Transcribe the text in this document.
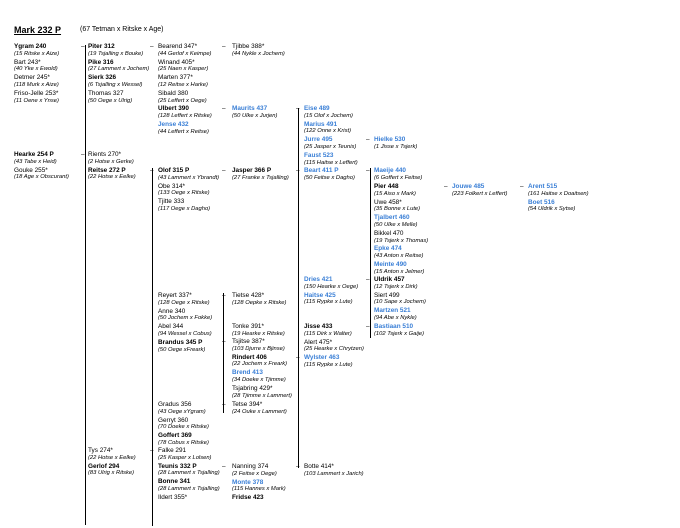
Mark 232 P	(67 Tetman x Ritske x Age)
–	–	–
–	–
–
–
–	–	–	–
–	–
–
–
–
–
–
–
–
–	–
Ygram 240
(15 Ritske x Aize)
Bart 243*
(40 Yke x Ewold)
Detmer 245*
(118 Murk x Aize)
Friso-Jelle 253*
(11 Oene x Ynse)
Piter 312
(19 Tsjalling x Bouke)
Pike 316
(27 Lammert x Jochem)
Sierk 326
(6 Tsjalling x Wessel)
Thomas 327
(50 Oege x Ulrig)
Bearend 347*
(44 Gerlof x Keimpe)
Winand 405*
(25 Naen x Kasper)
Marten 377*
(12 Reitse x Harke)
Sibald 380
(25 Leffert x Oege)
Ulbert 390
(128 Leffert x Ritske)
Jense 432
(44 Leffert x Reitse)
Tjibbe 388*
(44 Nykle x Jochem)
Maurits 437
(50 Ulke x Jurjen)
Eise 489
(15 Olof x Jochem)
Marius 491
(122 Onne x Krist)
Jurre 495
(25 Jasper x Teunis)
Faust 523
(115 Haitse x Leffert)
Hielke 530
(1 Jisse x Tsjerk)
Hearke 254 P
(43 Tabe x Heid)
Gouke 255*
(18 Age x Obscurant)
Rients 270*
(2 Hotse x Gerke)
Reitse 272 P
(22 Hotse x Eelke)
Olof 315 P
(43 Lammert x Ybrandt)
Obe 314*
(133 Oege x Ritske)
Tjitte 333
(117 Oege x Dagho)
Jasper 366 P
(27 Franke x Tsjalling)
Beart 411 P
(50 Feitse x Dagho)
Maeije 440
(6 Goffert x Feitse)
Pier 448
(15 Aiso x Mark)
Uwe 458*
(35 Bonne x Lute)
Tjalbert 460
(50 Ulke x Melle)
Bikkel 470
(19 Tsjerk x Thomas)
Epke 474
(43 Anton x Reitse)
Meinte 490
(15 Anton x Jelmer)
Jouwe 485
(223 Folkert x Leffert)
Arent 515
(161 Haitse x Doaitsen)
Boet 516
(54 Uldrik x Sytse)
Dries 421
(150 Hearke x Oege)
Haitse 425
(115 Rypke x Lute)
Uldrik 457
(12 Tsjerk x Dirk)
Siert 499
(10 Sape x Jochem)
Martzen 521
(94 Abe x Nykle)
Reyert 337*
(128 Oege x Ritske)
Anne 340
(50 Jochem x Fokke)
Abel 344
(94 Wessel x Cobus)
Brandus 345 P
(50 Oege xFreark)
Tietse 428*
(128 Oepke x Ritske)
Tonke 391*
(19 Hearke x Ritske)
Jisse 433
(115 Dirk x Walter)
Alert 475*
(25 Hearke x Chrytzen)
Bastiaan 510
(102 Tsjerk x Gaije)
Tsjitse 387*
(103 Djurre x Bjinse)
Rindert 406
(22 Jochem x Freark)
Brend 413
(34 Doeke x Tjimme)
Tsjabring 429*
(28 Tjimme x Lammert)
Wylster 463
(115 Rypke x Lute)
Gradus 356
(43 Oege xYgram)
Gerryt 360
(70 Doeke x Ritske)
Goffert 369
(78 Cobus x Ritske)
Tetse 394*
(24 Ouke x Lammert)
Tys 274*
(22 Hotse x Eelke)
Gerlof 294
(83 Ulrig x Ritske)
Falke 291
(25 Kasper x Lolsen)
Teunis 332 P
(28 Lammert x Tsjalling)
Bonne 341
(28 Lammert x Tsjalling)
Ildert 355*
Nanning 374
(2 Feitse x Oege)
Monte 378
(115 Hannes x Mark)
Fridse 423
Botte 414*
(103 Lammert x Jarich)
